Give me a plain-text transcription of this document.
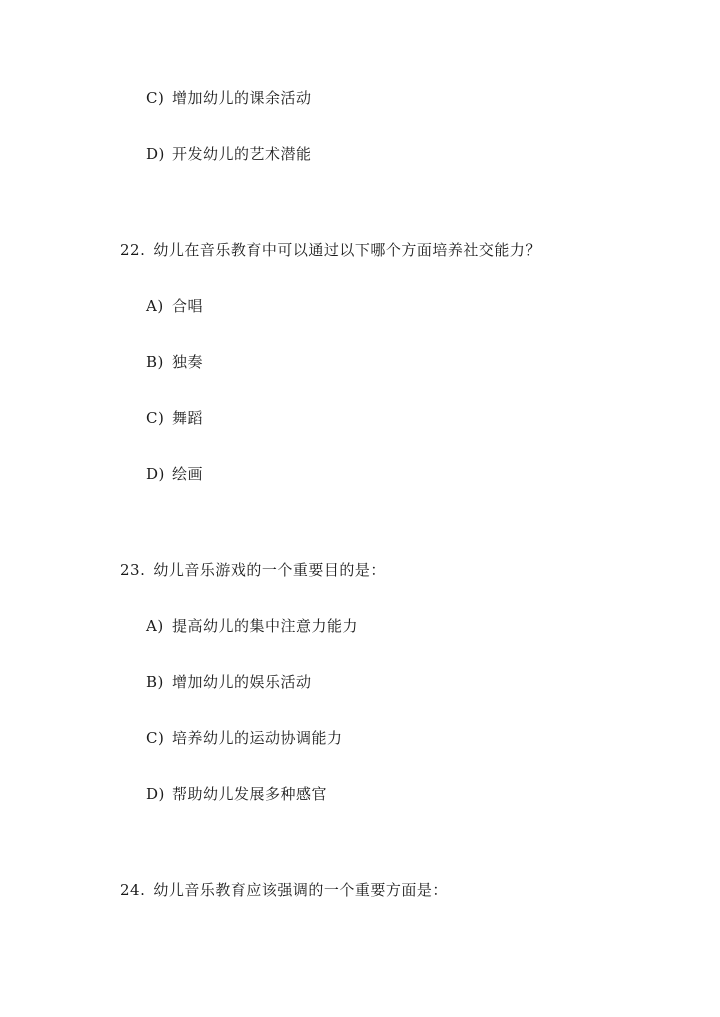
C) 增加幼儿的课余活动
D) 开发幼儿的艺术潜能
22. 幼儿在音乐教育中可以通过以下哪个方面培养社交能力？
A) 合唱
B) 独奏
C) 舞蹈
D) 绘画
23. 幼儿音乐游戏的一个重要目的是：
A) 提高幼儿的集中注意力能力
B) 增加幼儿的娱乐活动
C) 培养幼儿的运动协调能力
D) 帮助幼儿发展多种感官
24. 幼儿音乐教育应该强调的一个重要方面是：
